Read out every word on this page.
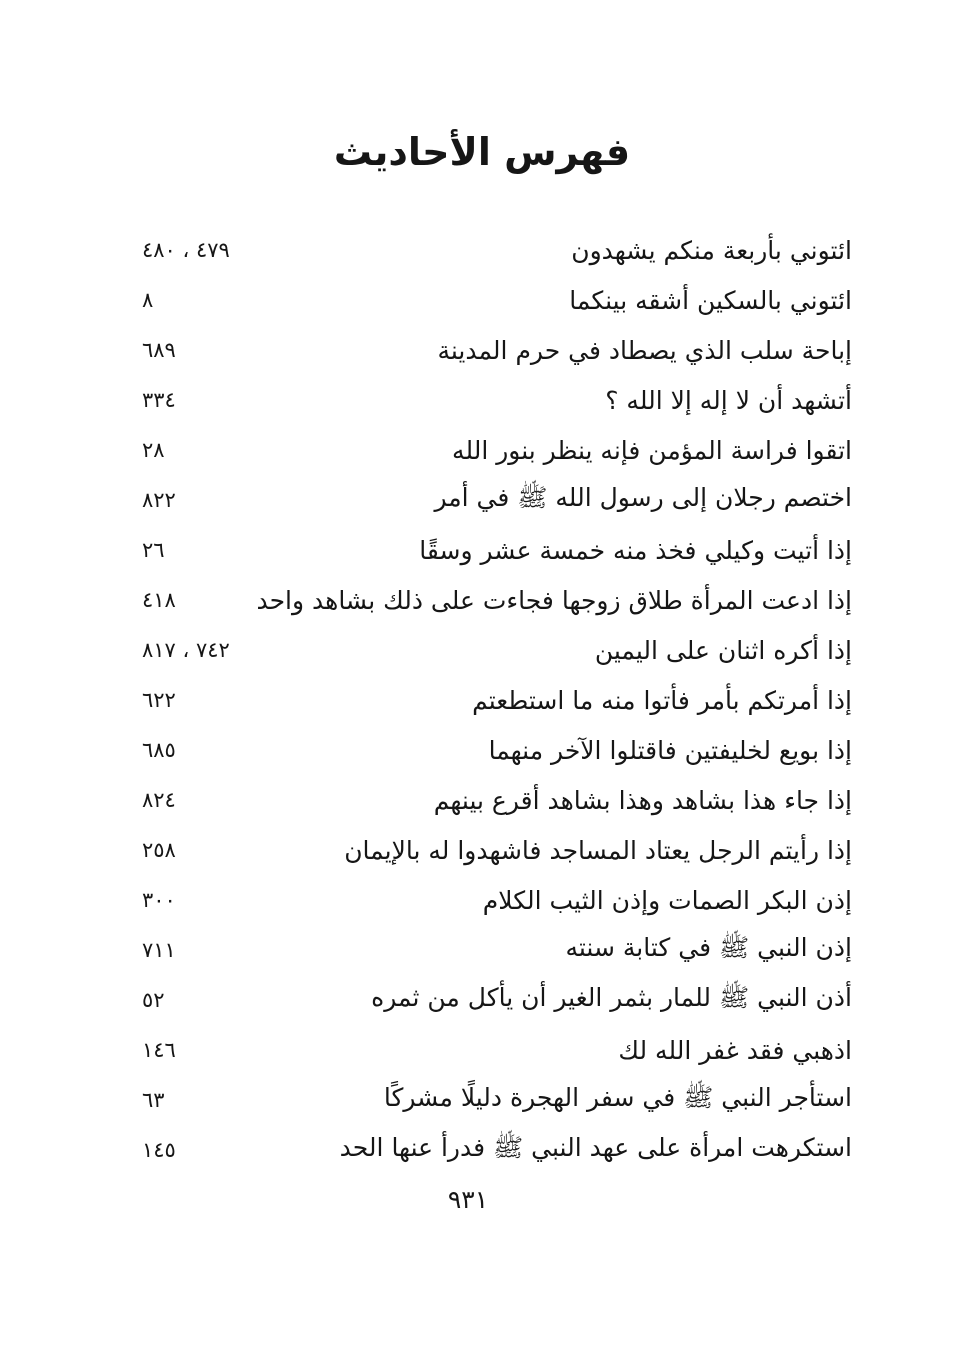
فهرس الأحاديث
ائتوني بأربعة منكم يشهدون
٤٧٩ ، ٤٨٠
ائتوني بالسكين أشقه بينكما
٨
إباحة سلب الذي يصطاد في حرم المدينة
٦٨٩
أتشهد أن لا إله إلا الله ؟
٣٣٤
اتقوا فراسة المؤمن فإنه ينظر بنور الله
٢٨
اختصم رجلان إلى رسول الله ﷺ في أمر
٨٢٢
إذا أتيت وكيلي فخذ منه خمسة عشر وسقًا
٢٦
إذا ادعت المرأة طلاق زوجها فجاءت على ذلك بشاهد واحد
٤١٨
إذا أكره اثنان على اليمين
٧٤٢ ، ٨١٧
إذا أمرتكم بأمر فأتوا منه ما استطعتم
٦٢٢
إذا بويع لخليفتين فاقتلوا الآخر منهما
٦٨٥
إذا جاء هذا بشاهد وهذا بشاهد أقرع بينهم
٨٢٤
إذا رأيتم الرجل يعتاد المساجد فاشهدوا له بالإيمان
٢٥٨
إذن البكر الصمات وإذن الثيب الكلام
٣٠٠
إذن النبي ﷺ في كتابة سنته
٧١١
أذن النبي ﷺ للمار بثمر الغير أن يأكل من ثمره
٥٢
اذهبي فقد غفر الله لك
١٤٦
استأجر النبي ﷺ في سفر الهجرة دليلًا مشركًا
٦٣
استكرهت امرأة على عهد النبي ﷺ فدرأ عنها الحد
١٤٥
٩٣١
